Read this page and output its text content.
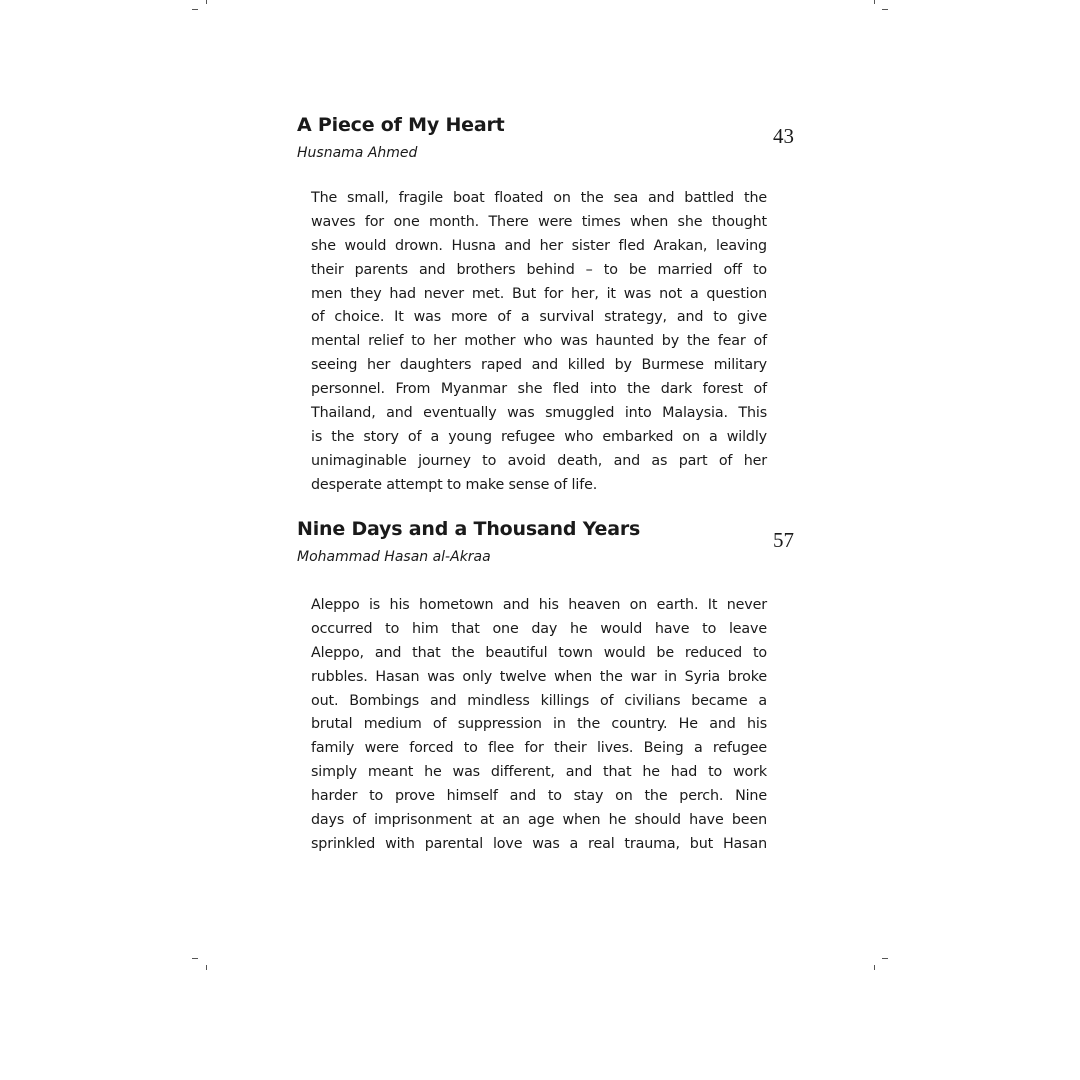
A Piece of My Heart	43
Husnama Ahmed
The small, fragile boat floated on the sea and battled the
waves for one month. There were times when she thought
she would drown. Husna and her sister fled Arakan, leaving
their parents and brothers behind – to be married off to
men they had never met. But for her, it was not a question
of choice. It was more of a survival strategy, and to give
mental relief to her mother who was haunted by the fear of
seeing her daughters raped and killed by Burmese military
personnel. From Myanmar she fled into the dark forest of
Thailand, and eventually was smuggled into Malaysia. This
is the story of a young refugee who embarked on a wildly
unimaginable journey to avoid death, and as part of her
desperate attempt to make sense of life.
Nine Days and a Thousand Years	57
Mohammad Hasan al-Akraa
Aleppo is his hometown and his heaven on earth. It never
occurred to him that one day he would have to leave
Aleppo, and that the beautiful town would be reduced to
rubbles. Hasan was only twelve when the war in Syria broke
out. Bombings and mindless killings of civilians became a
brutal medium of suppression in the country. He and his
family were forced to flee for their lives. Being a refugee
simply meant he was different, and that he had to work
harder to prove himself and to stay on the perch. Nine
days of imprisonment at an age when he should have been
sprinkled with parental love was a real trauma, but Hasan
